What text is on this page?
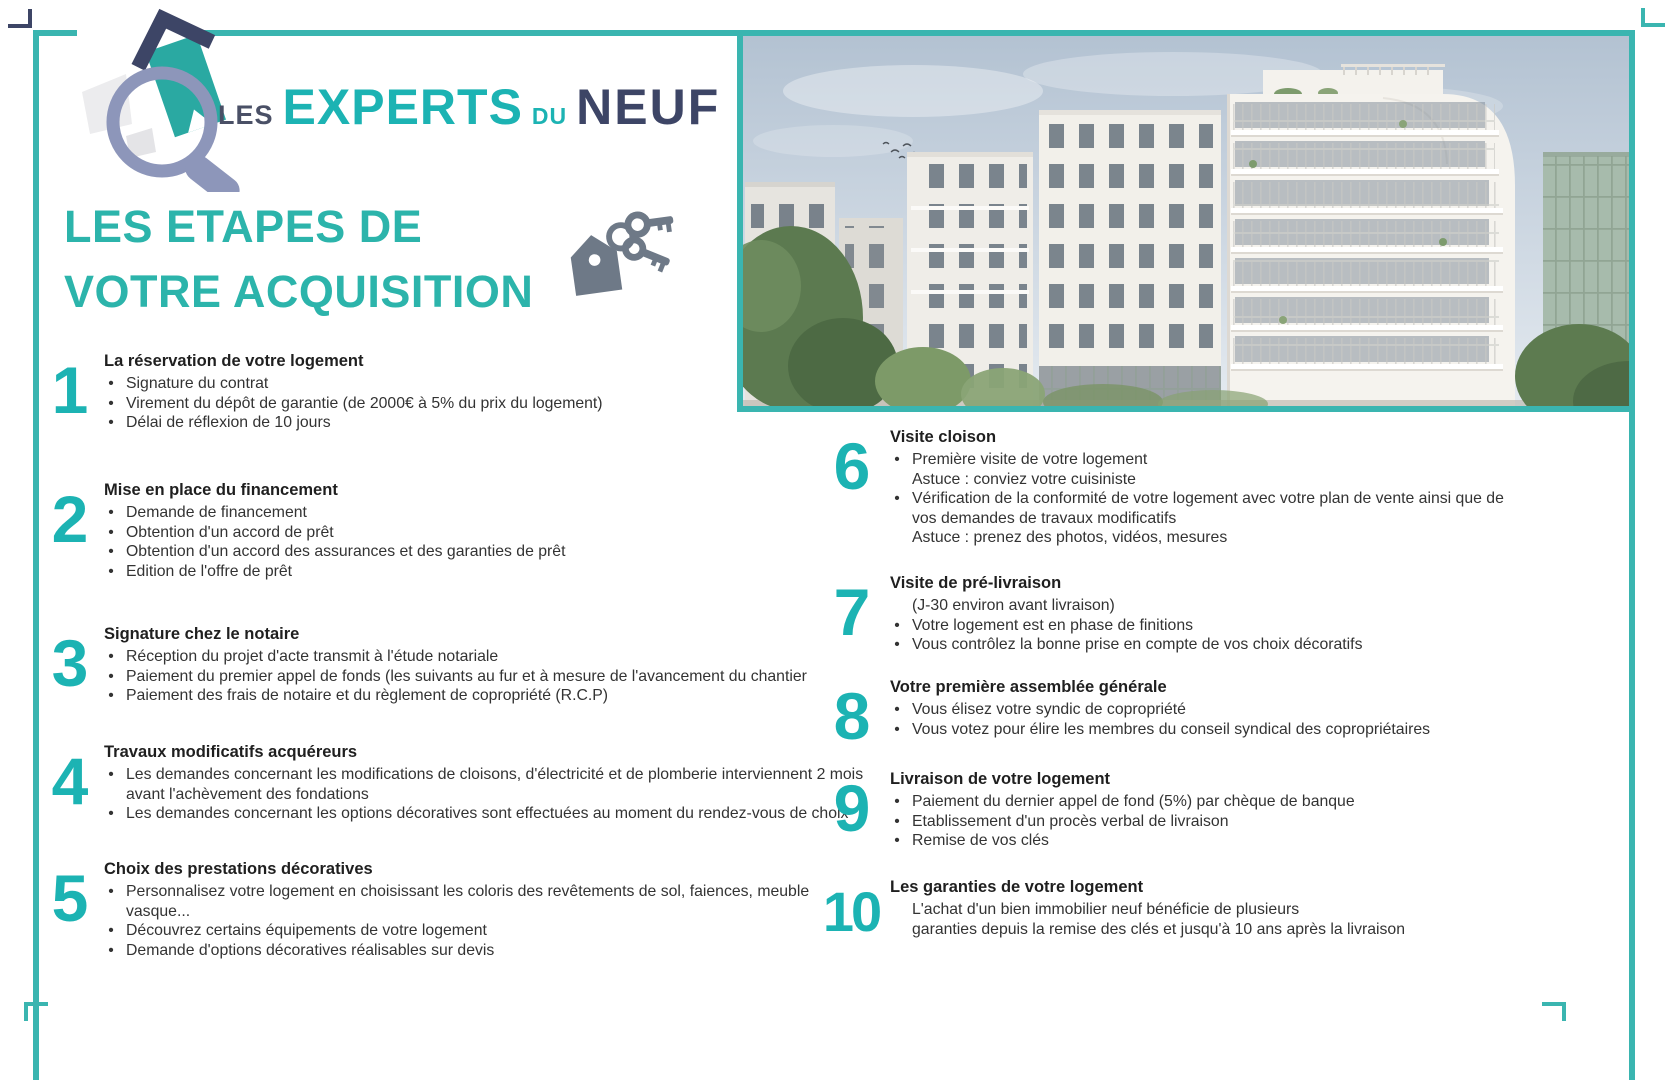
LES EXPERTS DU NEUF
LES ETAPES DE
VOTRE ACQUISITION
1	La réservation de votre logement
• Signature du contrat
• Virement du dépôt de garantie (de 2000€ à 5% du prix du logement)
• Délai de réflexion de 10 jours
2	Mise en place du financement
• Demande de financement
• Obtention d'un accord de prêt
• Obtention d'un accord des assurances et des garanties de prêt
• Edition de l'offre de prêt
3	Signature chez le notaire
• Réception du projet d'acte transmit à l'étude notariale
• Paiement du premier appel de fonds (les suivants au fur et à mesure de l'avancement du chantier
• Paiement des frais de notaire et du règlement de copropriété (R.C.P)
4	Travaux modificatifs acquéreurs
• Les demandes concernant les modifications de cloisons, d'électricité et de plomberie interviennent 2 mois avant l'achèvement des fondations
• Les demandes concernant les options décoratives sont effectuées au moment du rendez-vous de choix
5	Choix des prestations décoratives
• Personnalisez votre logement en choisissant les coloris des revêtements de sol, faiences, meuble vasque...
• Découvrez certains équipements de votre logement
• Demande d'options décoratives réalisables sur devis
6	Visite cloison
• Première visite de votre logement
Astuce : conviez votre cuisiniste
• Vérification de la conformité de votre logement avec votre plan de vente ainsi que de vos demandes de travaux modificatifs
Astuce : prenez des photos, vidéos, mesures
7	Visite de pré-livraison
(J-30 environ avant livraison)
• Votre logement est en phase de finitions
• Vous contrôlez la bonne prise en compte de vos choix décoratifs
8	Votre première assemblée générale
• Vous élisez votre syndic de copropriété
• Vous votez pour élire les membres du conseil syndical des copropriétaires
9	Livraison de votre logement
• Paiement du dernier appel de fond (5%) par chèque de banque
• Etablissement d'un procès verbal de livraison
• Remise de vos clés
10 Les garanties de votre logement
L'achat d'un bien immobilier neuf bénéficie de plusieurs
garanties depuis la remise des clés et jusqu'à 10 ans après la livraison
